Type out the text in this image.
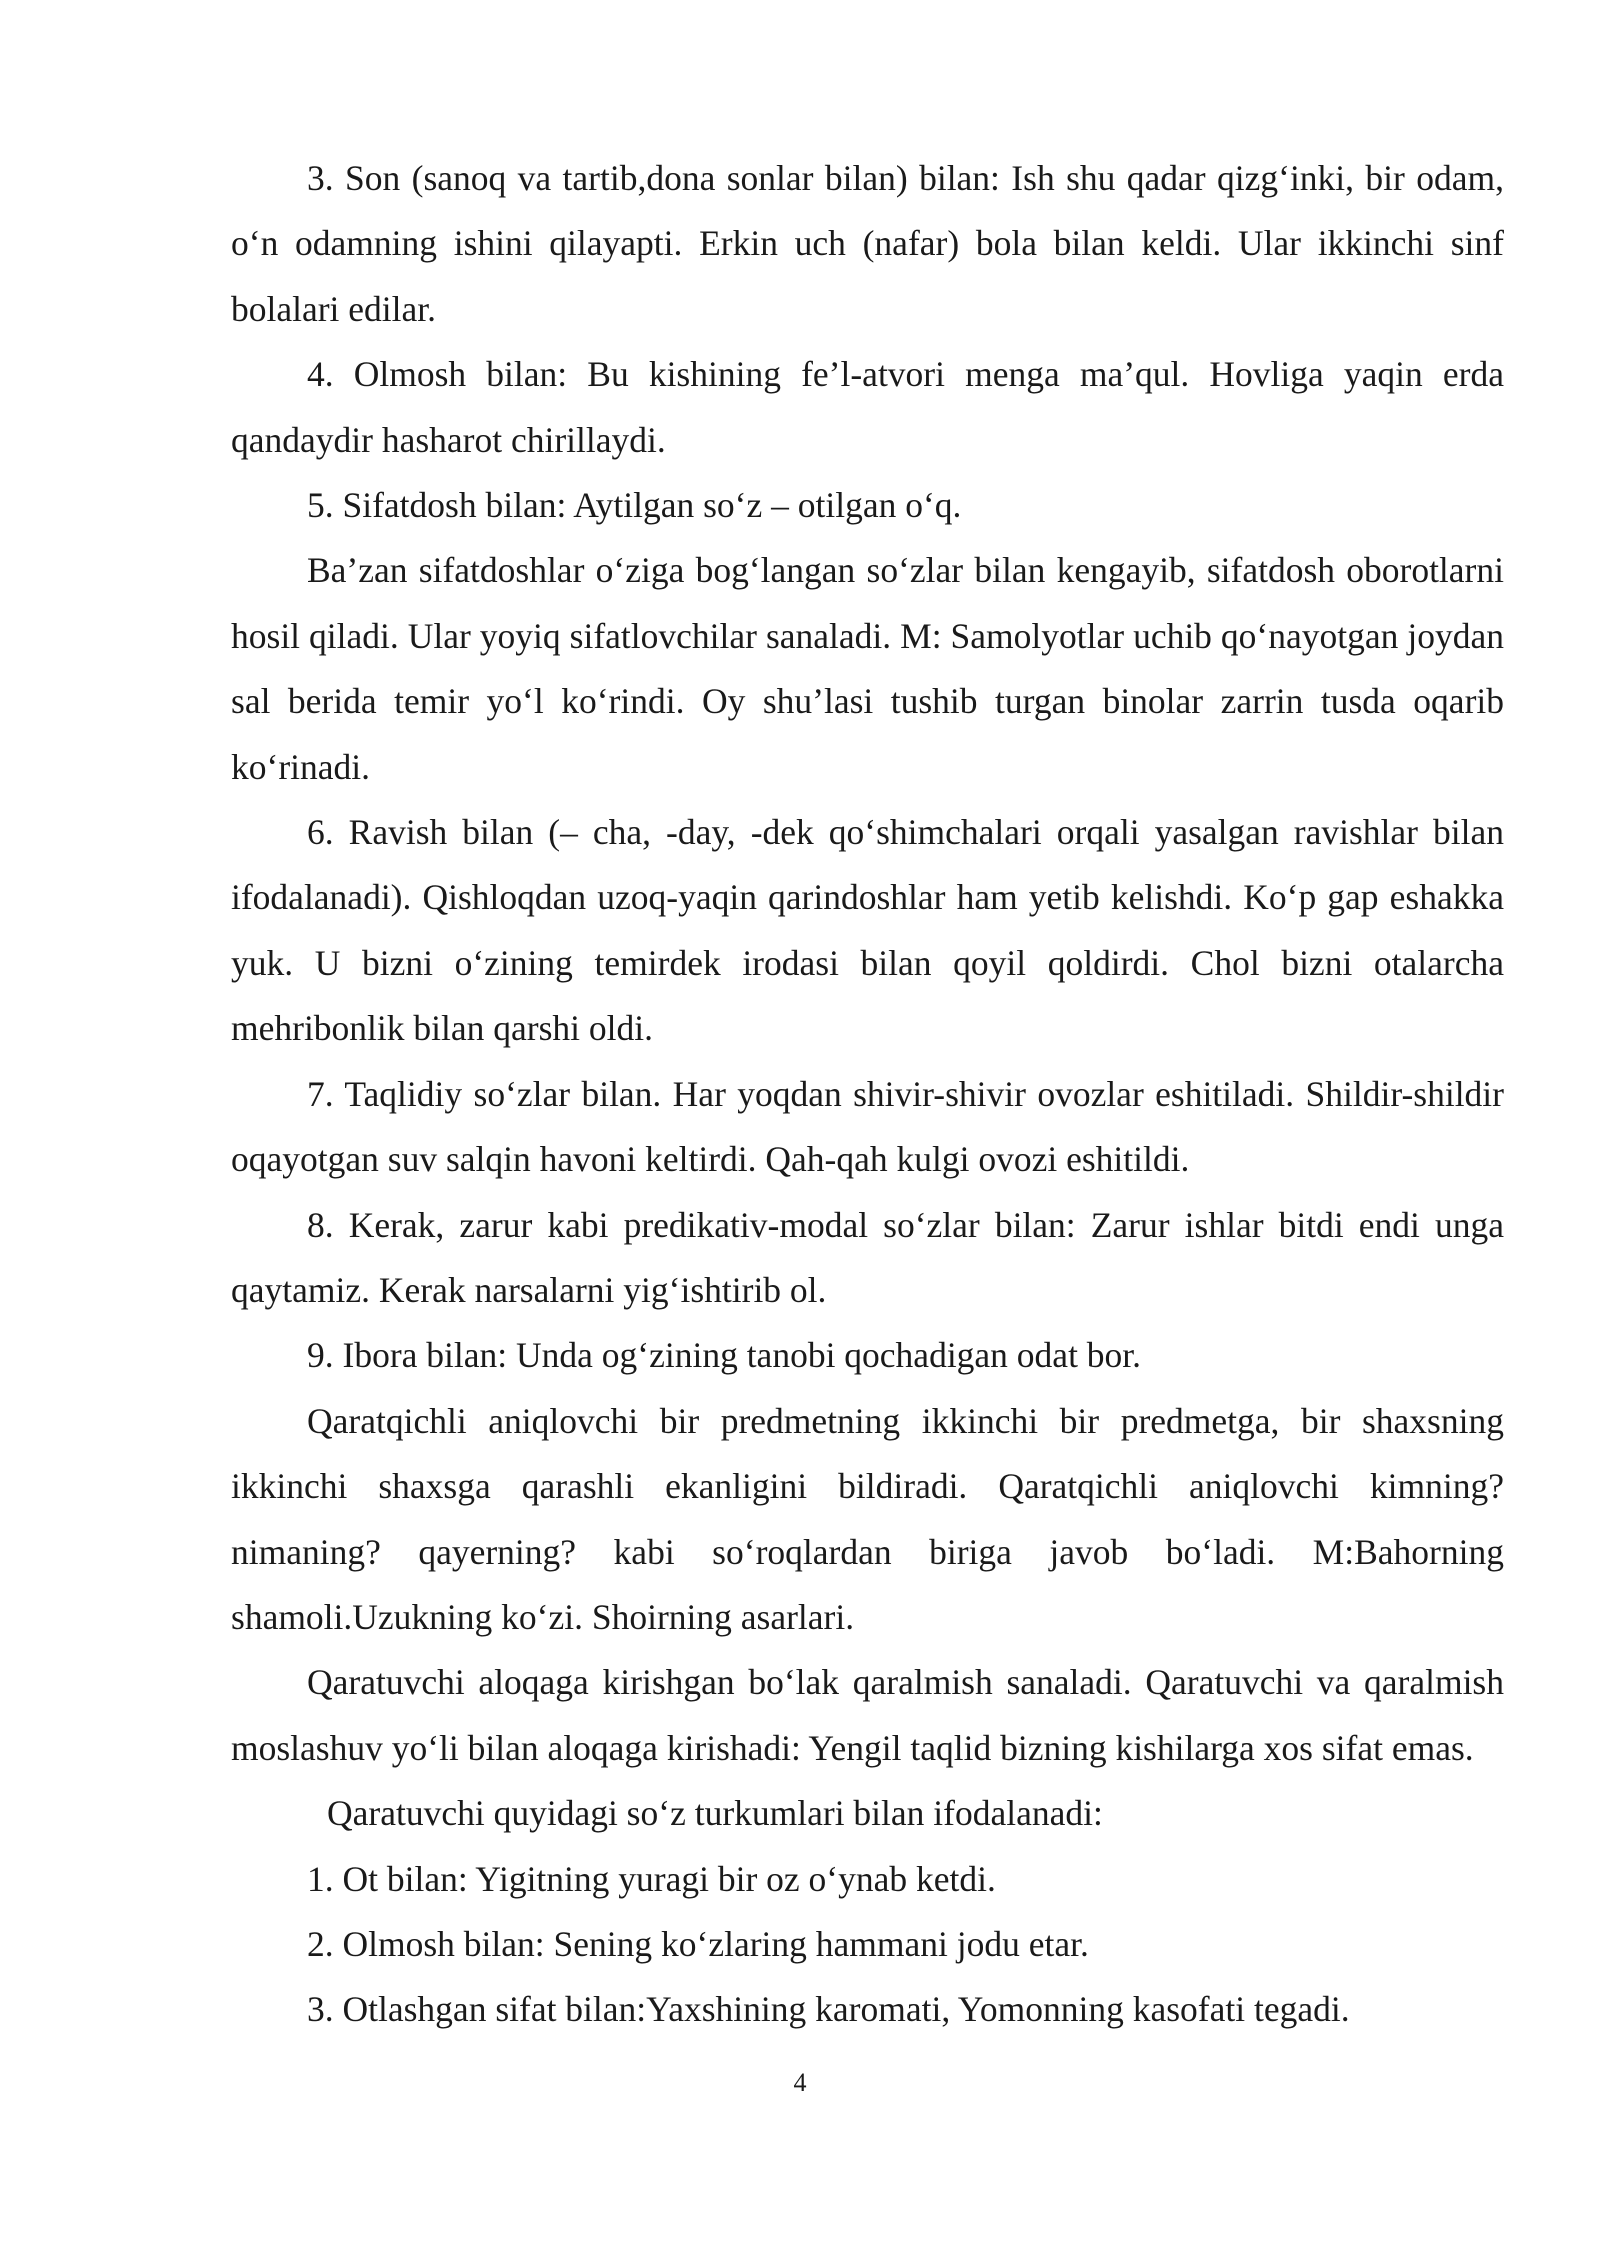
3. Son (sanoq va tartib,dona sonlar bilan) bilan: Ish shu qadar qizg‘inki, bir odam, o‘n odamning ishini qilayapti. Erkin uch (nafar) bola bilan keldi. Ular ikkinchi sinf bolalari edilar.

4. Olmosh bilan: Bu kishining fe’l-atvori menga ma’qul. Hovliga yaqin erda qandaydir hasharot chirillaydi.

5. Sifatdosh bilan: Aytilgan so‘z – otilgan o‘q.

Ba’zan sifatdoshlar o‘ziga bog‘langan so‘zlar bilan kengayib, sifatdosh oborotlarni hosil qiladi. Ular yoyiq sifatlovchilar sanaladi. M: Samolyotlar uchib qo‘nayotgan joydan sal berida temir yo‘l ko‘rindi. Oy shu’lasi tushib turgan binolar zarrin tusda oqarib ko‘rinadi.

6. Ravish bilan (– cha, -day, -dek qo‘shimchalari orqali yasalgan ravishlar bilan ifodalanadi). Qishloqdan uzoq-yaqin qarindoshlar ham yetib kelishdi. Ko‘p gap eshakka yuk. U bizni o‘zining temirdek irodasi bilan qoyil qoldirdi. Chol bizni otalarcha mehribonlik bilan qarshi oldi.

7. Taqlidiy so‘zlar bilan. Har yoqdan shivir-shivir ovozlar eshitiladi. Shildir-shildir oqayotgan suv salqin havoni keltirdi. Qah-qah kulgi ovozi eshitildi.

8. Kerak, zarur kabi predikativ-modal so‘zlar bilan: Zarur ishlar bitdi endi unga qaytamiz. Kerak narsalarni yig‘ishtirib ol.

9. Ibora bilan: Unda og‘zining tanobi qochadigan odat bor.

Qaratqichli aniqlovchi bir predmetning ikkinchi bir predmetga, bir shaxsning ikkinchi shaxsga qarashli ekanligini bildiradi. Qaratqichli aniqlovchi kimning? nimaning? qayerning? kabi so‘roqlardan biriga javob bo‘ladi. M:Bahorning shamoli.Uzukning ko‘zi. Shoirning asarlari.

Qaratuvchi aloqaga kirishgan bo‘lak qaralmish sanaladi. Qaratuvchi va qaralmish moslashuv yo‘li bilan aloqaga kirishadi: Yengil taqlid bizning kishilarga xos sifat emas.

Qaratuvchi quyidagi so‘z turkumlari bilan ifodalanadi:

1. Ot bilan: Yigitning yuragi bir oz o‘ynab ketdi.

2. Olmosh bilan: Sening ko‘zlaring hammani jodu etar.

3. Otlashgan sifat bilan:Yaxshining karomati, Yomonning kasofati tegadi.

4
